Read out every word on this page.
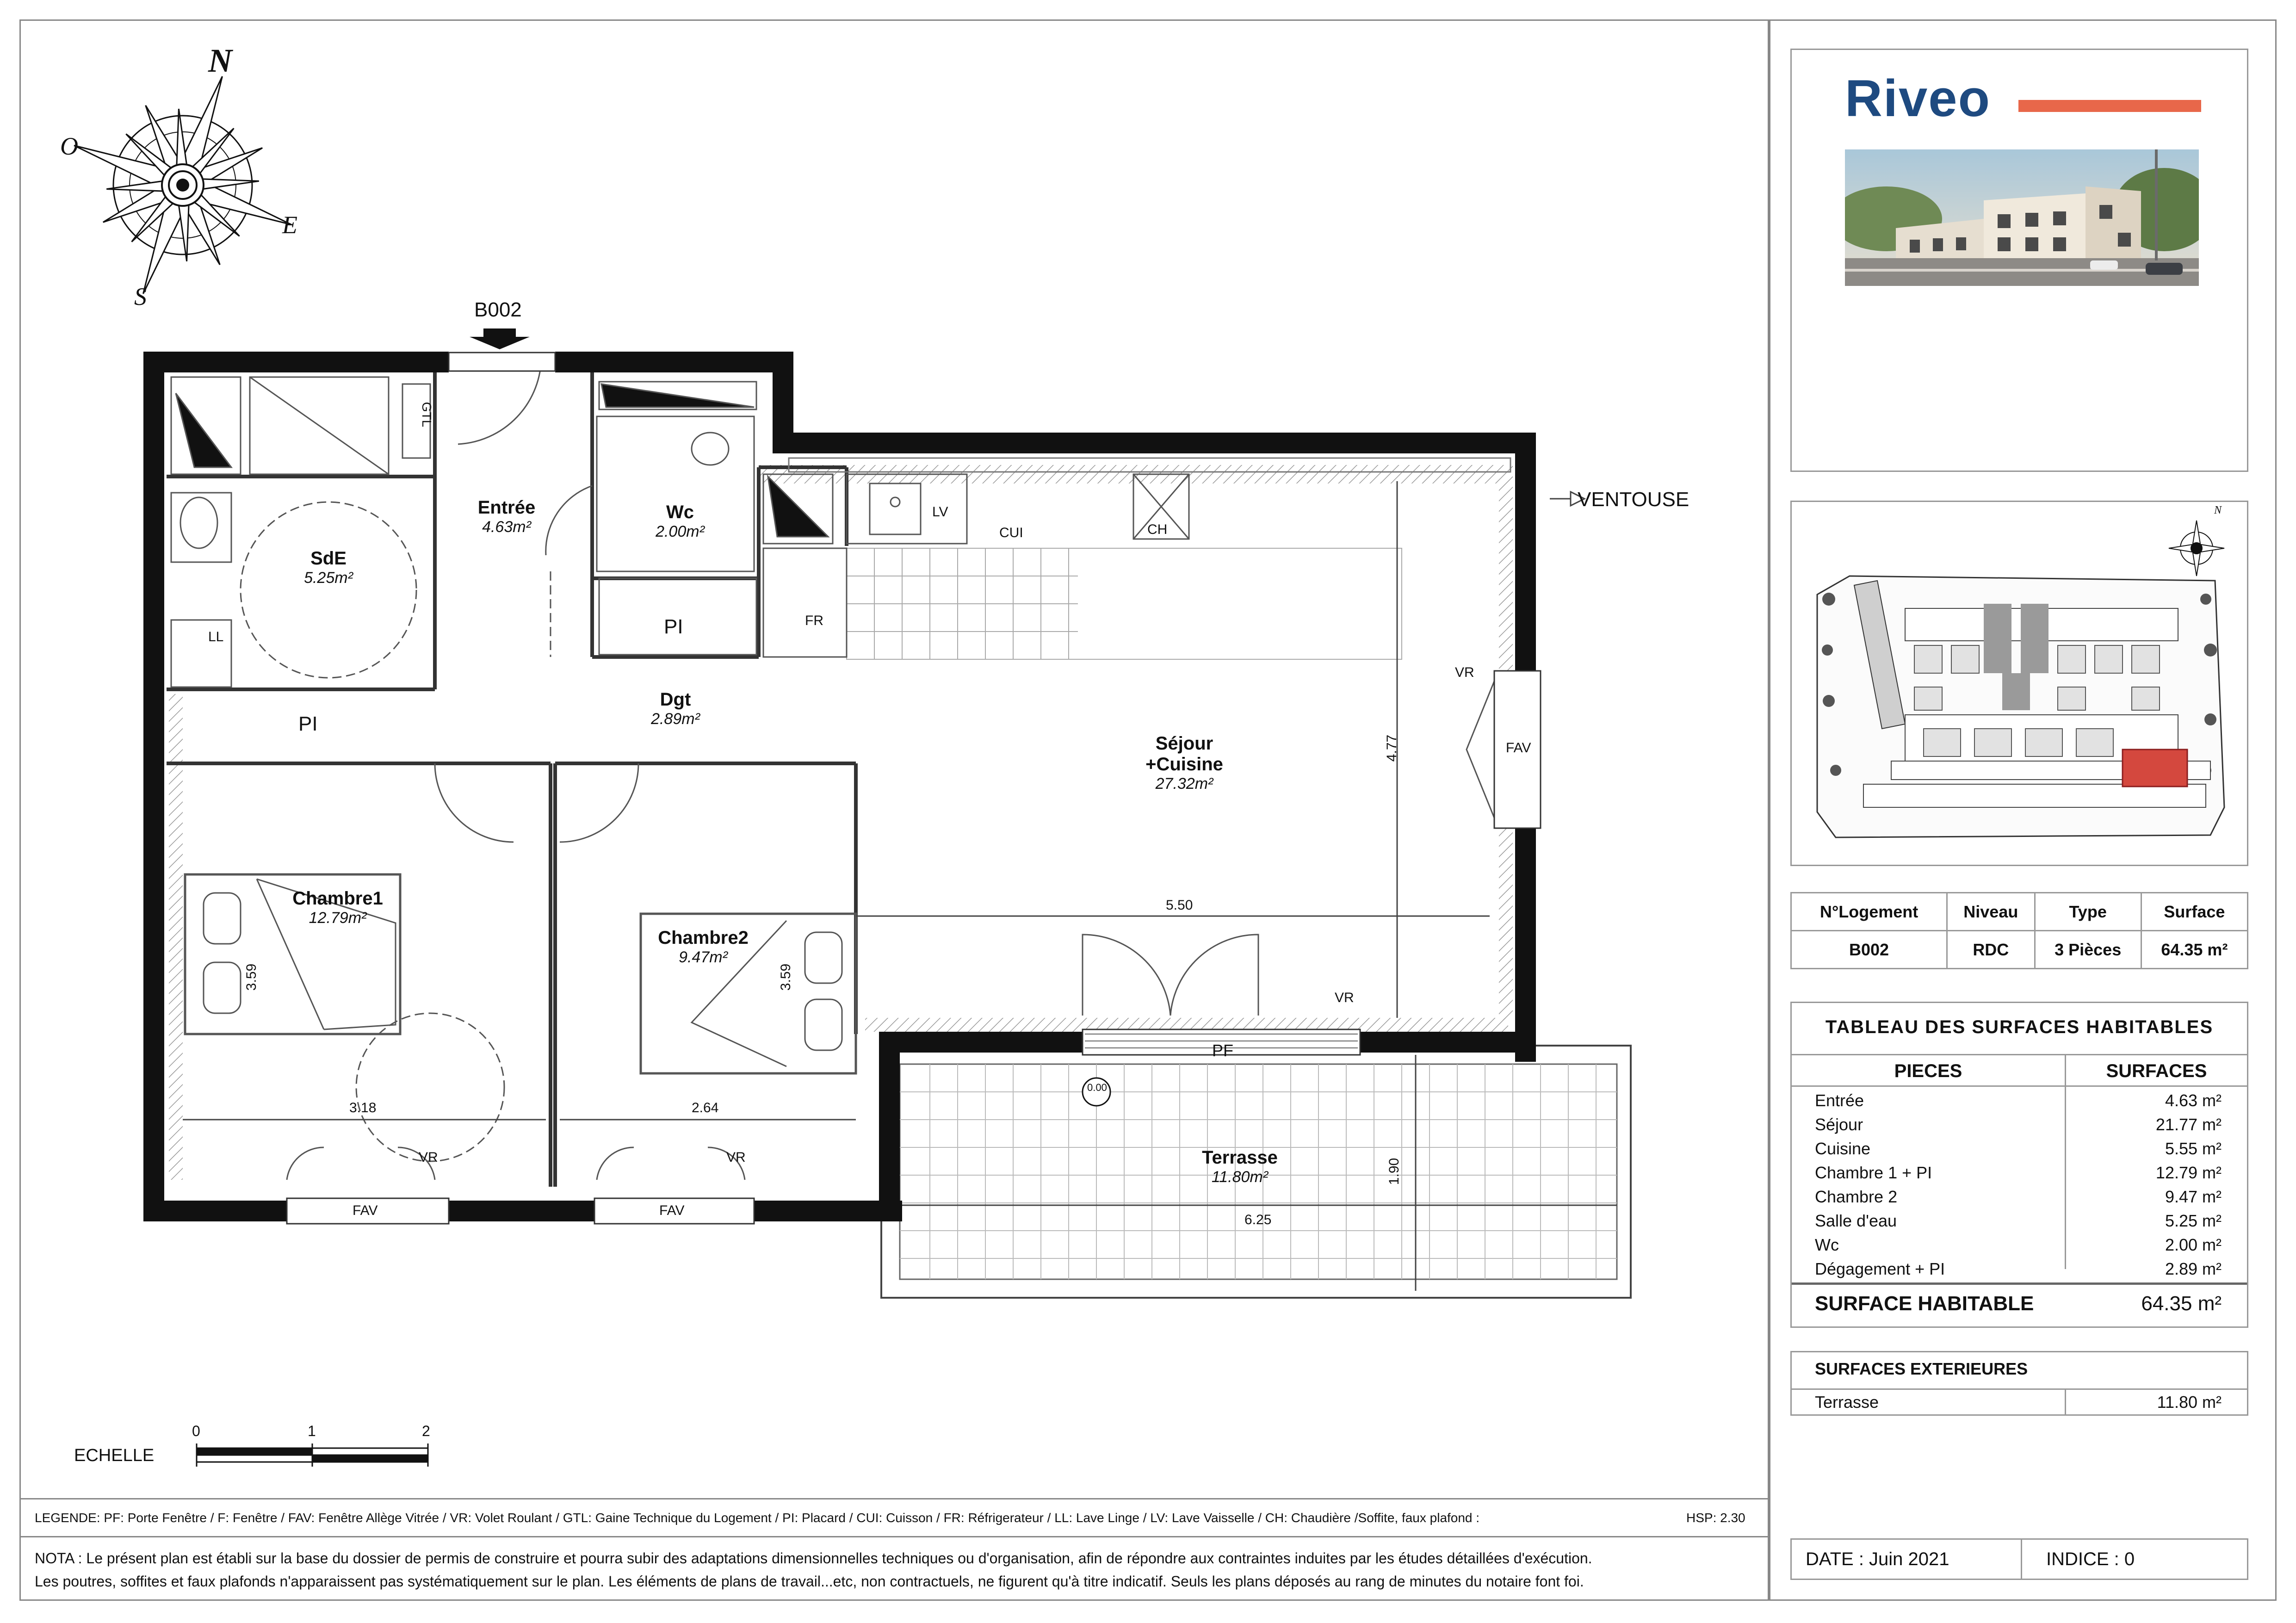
N
O
E
S	B002
VENTOUSE
SdE
5.25m²
Entrée
4.63m²
Wc
2.00m²
Dgt
2.89m²
Séjour
+Cuisine
27.32m²
Chambre1
12.79m²
Chambre2
9.47m²
Terrasse
11.80m²
GTL
LV
CUI	CH
FR
LL	PI
PI
VR
FAV
VR
PF
VR
FAV
VR
FAV
0.00
4.77
5.50
3.59	3.59
3.18	2.64
1.90
6.25
ECHELLE
0	1	2
LEGENDE: PF: Porte Fenêtre / F: Fenêtre / FAV: Fenêtre Allège Vitrée / VR: Volet Roulant / GTL: Gaine Technique du Logement / PI: Placard / CUI: Cuisson / FR: Réfrigerateur / LL: Lave Linge / LV: Lave Vaisselle / CH: Chaudière /Soffite, faux plafond :	HSP: 2.30
NOTA : Le présent plan est établi sur la base du dossier de permis de construire et pourra subir des adaptations dimensionnelles techniques ou d'organisation, afin de répondre aux contraintes induites par les études détaillées d'exécution.
Les poutres, soffites et faux plafonds n'apparaissent pas systématiquement sur le plan. Les éléments de plans de travail...etc, non contractuels, ne figurent qu'à titre indicatif. Seuls les plans déposés au rang de minutes du notaire font foi.
Riveo
N
N°Logement	Niveau	Type	Surface
B002	RDC	3 Pièces	64.35 m²
TABLEAU DES SURFACES HABITABLES
PIECES	SURFACES
Entrée	4.63 m²
Séjour	21.77 m²
Cuisine	5.55 m²
Chambre 1 + PI	12.79 m²
Chambre 2	9.47 m²
Salle d'eau	5.25 m²
Wc	2.00 m²
Dégagement + PI	2.89 m²
SURFACE HABITABLE	64.35 m²
SURFACES EXTERIEURES
Terrasse	11.80 m²
DATE : Juin 2021	INDICE : 0
